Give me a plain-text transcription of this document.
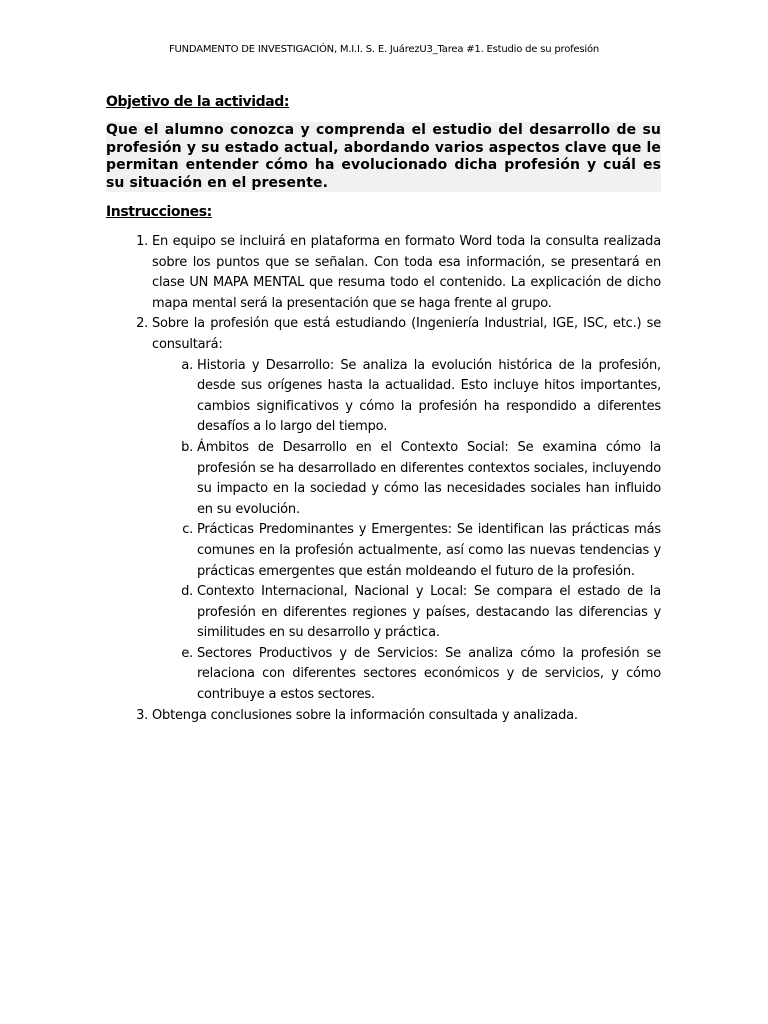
FUNDAMENTO DE INVESTIGACIÓN, M.I.I. S. E. JuárezU3_Tarea #1. Estudio de su profesión

Objetivo de la actividad:

Que el alumno conozca y comprenda el estudio del desarrollo de su profesión y su estado actual, abordando varios aspectos clave que le permitan entender cómo ha evolucionado dicha profesión y cuál es su situación en el presente.

Instrucciones:

1. En equipo se incluirá en plataforma en formato Word toda la consulta realizada sobre los puntos que se señalan. Con toda esa información, se presentará en clase UN MAPA MENTAL que resuma todo el contenido. La explicación de dicho mapa mental será la presentación que se haga frente al grupo.
2. Sobre la profesión que está estudiando (Ingeniería Industrial, IGE, ISC, etc.) se consultará:
a. Historia y Desarrollo: Se analiza la evolución histórica de la profesión, desde sus orígenes hasta la actualidad. Esto incluye hitos importantes, cambios significativos y cómo la profesión ha respondido a diferentes desafíos a lo largo del tiempo.
b. Ámbitos de Desarrollo en el Contexto Social: Se examina cómo la profesión se ha desarrollado en diferentes contextos sociales, incluyendo su impacto en la sociedad y cómo las necesidades sociales han influido en su evolución.
c. Prácticas Predominantes y Emergentes: Se identifican las prácticas más comunes en la profesión actualmente, así como las nuevas tendencias y prácticas emergentes que están moldeando el futuro de la profesión.
d. Contexto Internacional, Nacional y Local: Se compara el estado de la profesión en diferentes regiones y países, destacando las diferencias y similitudes en su desarrollo y práctica.
e. Sectores Productivos y de Servicios: Se analiza cómo la profesión se relaciona con diferentes sectores económicos y de servicios, y cómo contribuye a estos sectores.
3. Obtenga conclusiones sobre la información consultada y analizada.
